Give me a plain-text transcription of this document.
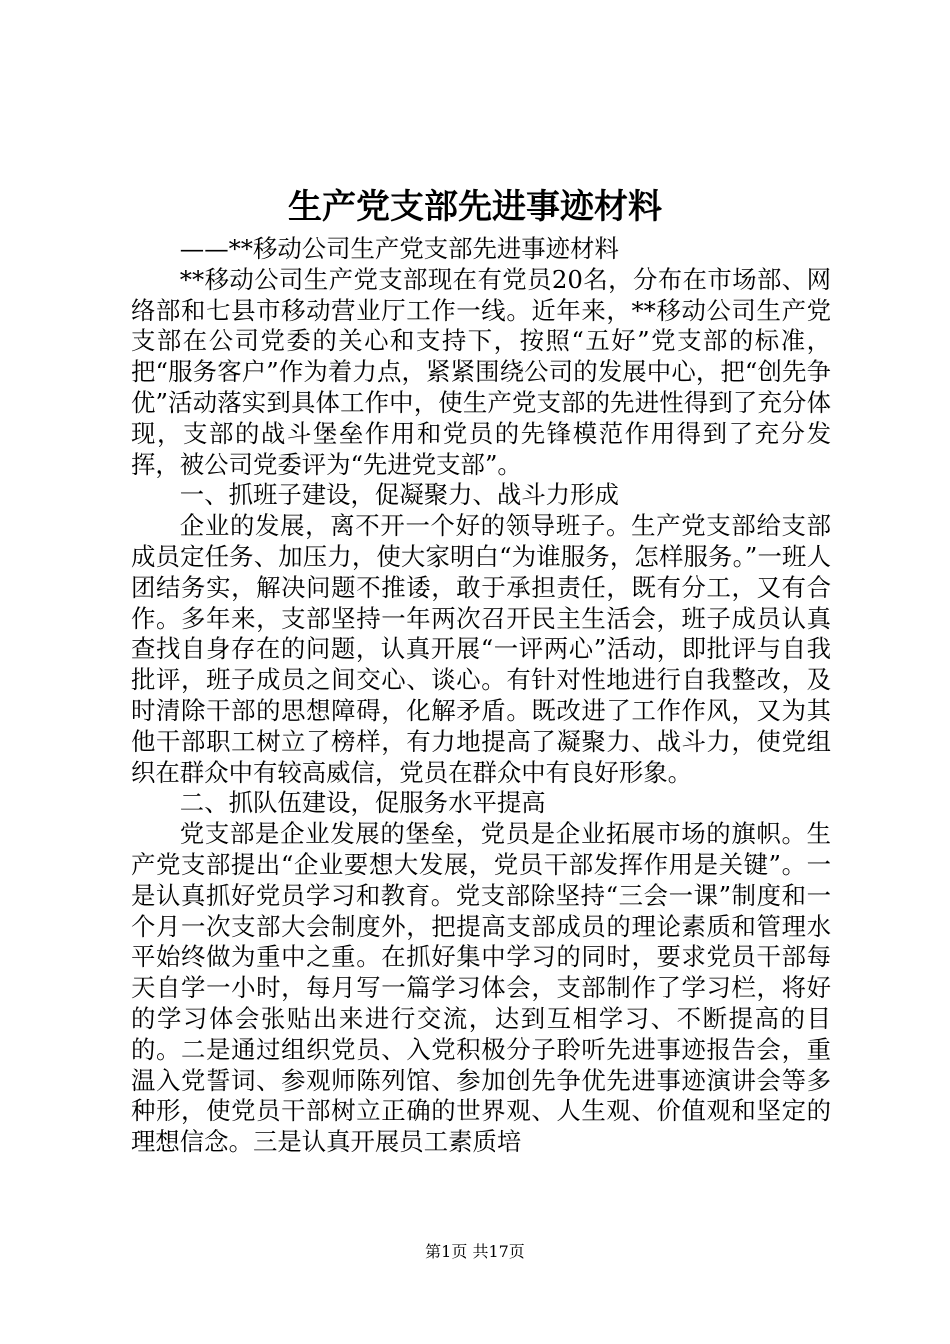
生产党支部先进事迹材料

——**移动公司生产党支部先进事迹材料

**移动公司生产党支部现在有党员20名，分布在市场部、网络部和七县市移动营业厅工作一线。近年来，**移动公司生产党支部在公司党委的关心和支持下，按照“五好”党支部的标准，把“服务客户”作为着力点，紧紧围绕公司的发展中心，把“创先争优”活动落实到具体工作中，使生产党支部的先进性得到了充分体现，支部的战斗堡垒作用和党员的先锋模范作用得到了充分发挥，被公司党委评为“先进党支部”。

一、抓班子建设，促凝聚力、战斗力形成

企业的发展，离不开一个好的领导班子。生产党支部给支部成员定任务、加压力，使大家明白“为谁服务，怎样服务。”一班人团结务实，解决问题不推诿，敢于承担责任，既有分工，又有合作。多年来，支部坚持一年两次召开民主生活会，班子成员认真查找自身存在的问题，认真开展“一评两心”活动，即批评与自我批评，班子成员之间交心、谈心。有针对性地进行自我整改，及时清除干部的思想障碍，化解矛盾。既改进了工作作风，又为其他干部职工树立了榜样，有力地提高了凝聚力、战斗力，使党组织在群众中有较高威信，党员在群众中有良好形象。

二、抓队伍建设，促服务水平提高

党支部是企业发展的堡垒，党员是企业拓展市场的旗帜。生产党支部提出“企业要想大发展，党员干部发挥作用是关键”。一是认真抓好党员学习和教育。党支部除坚持“三会一课”制度和一个月一次支部大会制度外，把提高支部成员的理论素质和管理水平始终做为重中之重。在抓好集中学习的同时，要求党员干部每天自学一小时，每月写一篇学习体会，支部制作了学习栏，将好的学习体会张贴出来进行交流，达到互相学习、不断提高的目的。二是通过组织党员、入党积极分子聆听先进事迹报告会，重温入党誓词、参观师陈列馆、参加创先争优先进事迹演讲会等多种形，使党员干部树立正确的世界观、人生观、价值观和坚定的理想信念。三是认真开展员工素质培

第1页 共17页
